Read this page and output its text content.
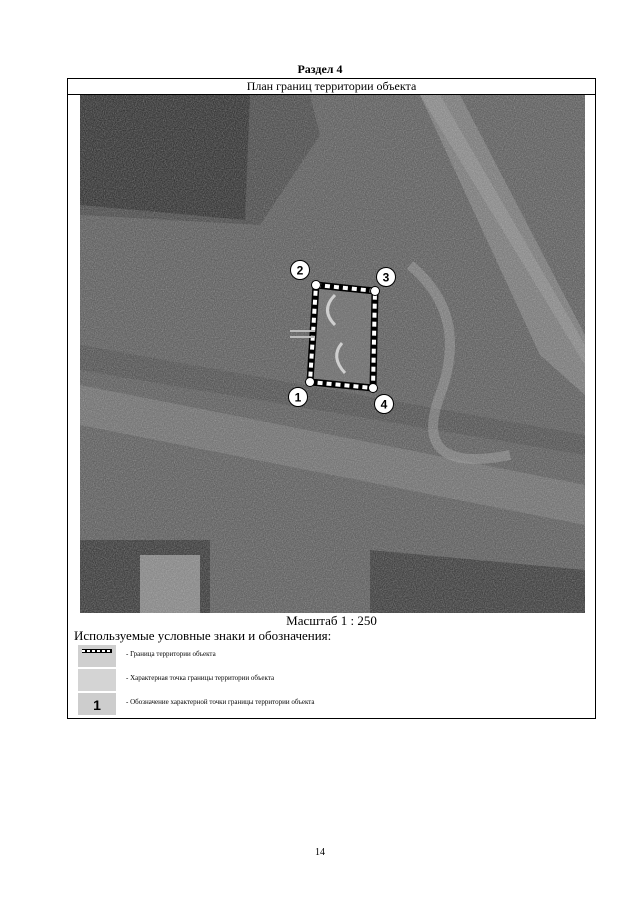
Раздел 4
План границ территории объекта
1
2	3
4
Масштаб 1 : 250
Используемые условные знаки и обозначения:
- Граница территории объекта
- Характерная точка границы территории объекта
1	- Обозначение характерной точки границы территории объекта
14
